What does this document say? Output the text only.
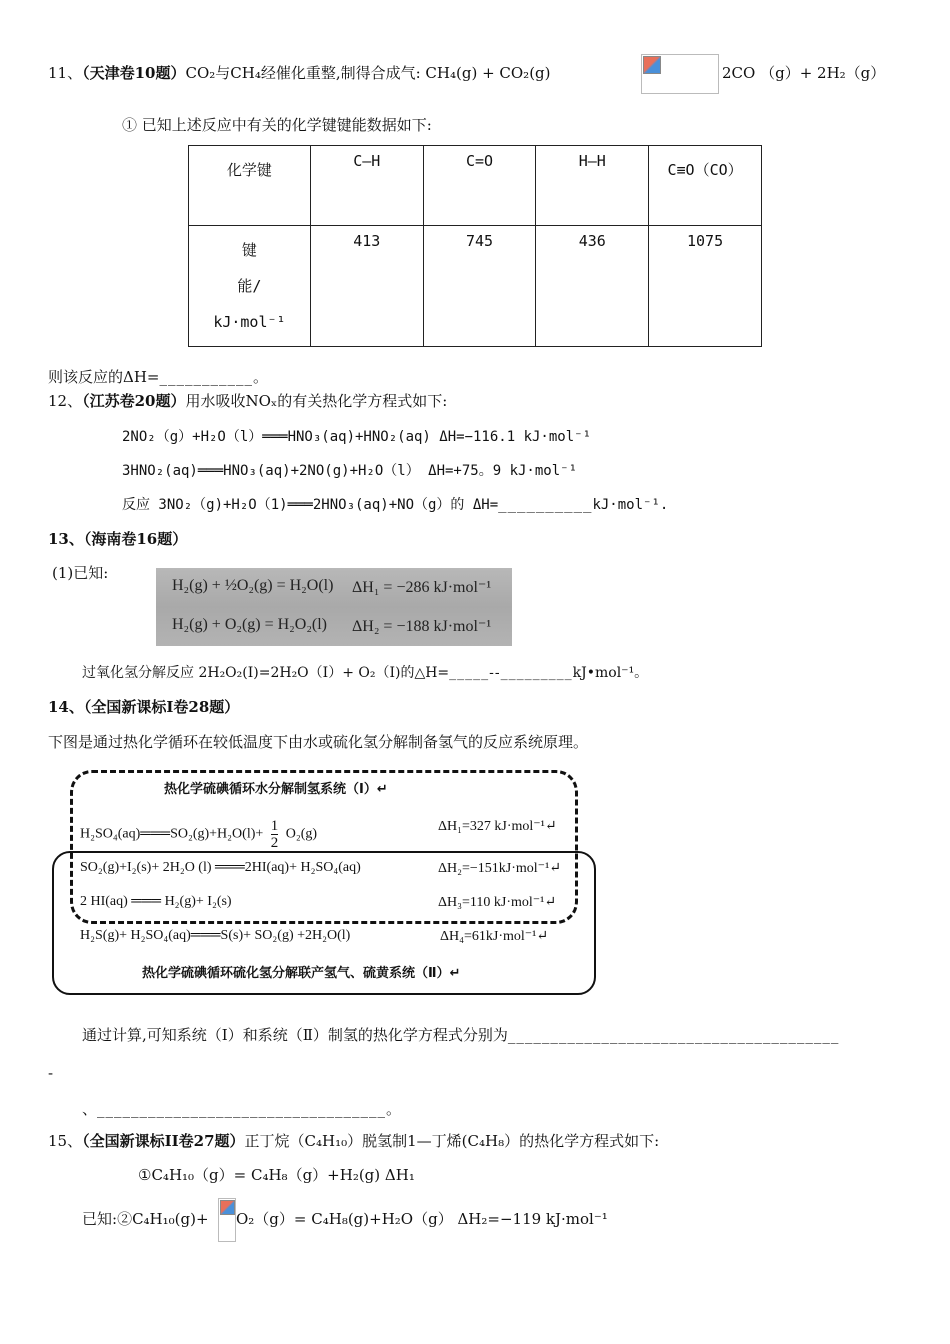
11、（天津卷10题）CO₂与CH₄经催化重整,制得合成气: CH₄(g) + CO₂(g)	2CO （g）+ 2H₂（g）
① 已知上述反应中有关的化学键键能数据如下:
化学键	C—H	C=O	H—H	C≡O（CO）

键
能/
kJ·mol⁻¹	413	745	436	1075
则该反应的ΔH=___________。
12、（江苏卷20题）用水吸收NOₓ的有关热化学方程式如下:
2NO₂（g）+H₂O（l）═══HNO₃(aq)+HNO₂(aq) ΔH=−116.1 kJ·mol⁻¹
3HNO₂(aq)═══HNO₃(aq)+2NO(g)+H₂O（l） ΔH=+75。9 kJ·mol⁻¹
反应 3NO₂（g)+H₂O（1)═══2HNO₃(aq)+NO（g）的 ΔH=__________kJ·mol⁻¹.
13、（海南卷16题）
(1)已知:
H₂(g) + ½O₂(g) = H₂O(l) ΔH₁ = −286 kJ·mol⁻¹
H₂(g) + O₂(g) = H₂O₂(l) ΔH₂ = −188 kJ·mol⁻¹
过氧化氢分解反应 2H₂O₂(I)=2H₂O（I）+ O₂（I)的△H=_____--_________kJ•mol⁻¹。
14、（全国新课标Ⅰ卷28题）
下图是通过热化学循环在较低温度下由水或硫化氢分解制备氢气的反应系统原理。
热化学硫碘循环水分解制氢系统（Ⅰ）↵
H₂SO₄(aq)═══SO₂(g)+H₂O(l)+ $\frac{1}{2} O_2(g)$
ΔH₁=327 kJ·mol⁻¹↵
SO₂(g)+I₂(s)+ 2H₂O (l) ═══2HI(aq)+ H₂SO₄(aq)	ΔH₂=−151kJ·mol⁻¹↵
2 HI(aq) ═══ H₂(g)+ I₂(s)	ΔH₃=110 kJ·mol⁻¹↵
H₂S(g)+ H₂SO₄(aq)═══S(s)+ SO₂(g) +2H₂O(l)	ΔH₄=61kJ·mol⁻¹↵
热化学硫碘循环硫化氢分解联产氢气、硫黄系统（Ⅱ）↵
通过计算,可知系统（Ⅰ）和系统（Ⅱ）制氢的热化学方程式分别为_______________________________________
-
、__________________________________。
15、（全国新课标II卷27题）正丁烷（C₄H₁₀）脱氢制1—丁烯(C₄H₈）的热化学方程式如下:
①C₄H₁₀（g）= C₄H₈（g）+H₂(g) ΔH₁
已知:②C₄H₁₀(g)+ O₂（g）= C₄H₈(g)+H₂O（g） ΔH₂=−119 kJ·mol⁻¹
